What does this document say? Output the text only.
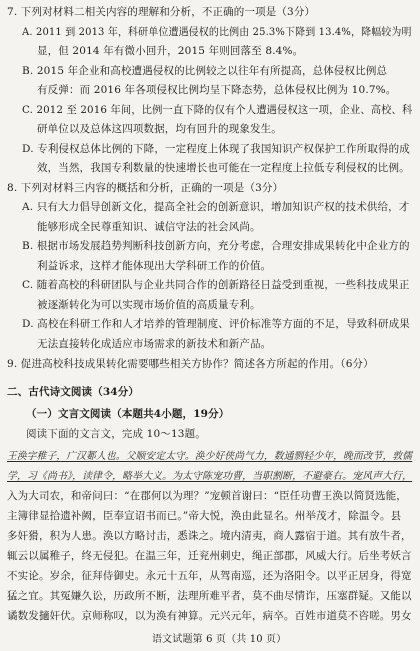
7. 下列对材料二相关内容的理解和分析，不正确的一项是（3分）
A. 2011 到 2013 年，科研单位遭遇侵权的比例由 25.3%下降到 13.4%，降幅较为明
显，但 2014 年有微小回升，2015 年则回落至 8.4%。
B. 2015 年企业和高校遭遇侵权的比例较之以往年有所提高，总体侵权比例总
有反弹：而 2016 年各项侵权比例均呈下降态势，总体侵权比例为 10.7%。
C. 2012 至 2016 年间，比例一直下降的仅有个人遭遇侵权这一项，企业、高校、科
研单位以及总体这四项数据，均有回升的现象发生。
D. 专利侵权总体比例的下降，一定程度上体现了我国知识产权保护工作所取得的成
效，当然，我国专利数量的快速增长也可能在一定程度上拉低专利侵权的比例。
8. 下列对材料三内容的概括和分析，正确的一项是（3分）
A. 只有大力倡导创新文化，提高全社会的创新意识，增加知识产权的技术供给，才
能够形成全民尊重知识、诚信守法的社会风尚。
B. 根据市场发展趋势判断科技创新方向，充分考虑，合理安排成果转化中企业方的
利益诉求，这样才能体现出大学科研工作的价值。
C. 随着高校的科研团队与企业共同合作的创新路径日益受到重视，一些科技成果正
被逐渐转化为可以实现市场价值的高质量专利。
D. 高校在科研工作和人才培养的管理制度、评价标准等方面的不足，导致科研成果
无法直接转化成适应市场需求的新技术和新产品。
9. 促进高校科技成果转化需要哪些相关方协作？简述各方所起的作用。（6分）
二、古代诗文阅读（34分）
（一）文言文阅读（本题共4小题，19分）
阅读下面的文言文，完成 10～13题。
王涣字稚子，广汉郪人也。父顺安定太守。涣少好侠尚气力，数通剽轻少年，晚而改节，敦儒
学，习《尚书》，读律令，略举大义。为太守陈宠功曹，当职割断，不避豪右。宠风声大行，
入为大司农，和帝问曰：“在郡何以为理？”宠顿首谢曰：“臣任功曹王涣以简贤选能，
主簿律显拾遗补阙，臣奉宣诏书而已。”帝大悦，涣由此显名。州举茂才，除温令。县
多奸猾，积为人患。涣以方略讨击，悉诛之。境内清夷，商人露宿于道。其有放牛者，
辄云以属稚子，终无侵犯。在温三年，迁兖州刺史，绳正部郡，风威大行。后坐考妖言
不实论。岁余，征拜侍御史。永元十五年，从驾南巡，还为洛阳令。以平正居身，得宽
猛之宜。其冤嫌久讼，历政所不断，法理所难平者，莫不曲尽情诈，压塞群疑。又能以
谲数发擿奸伏。京师称叹，以为涣有神算。元兴元年，病卒。百姓市道莫不咨嗟。男女
语文试题第 6 页（共 10 页）
